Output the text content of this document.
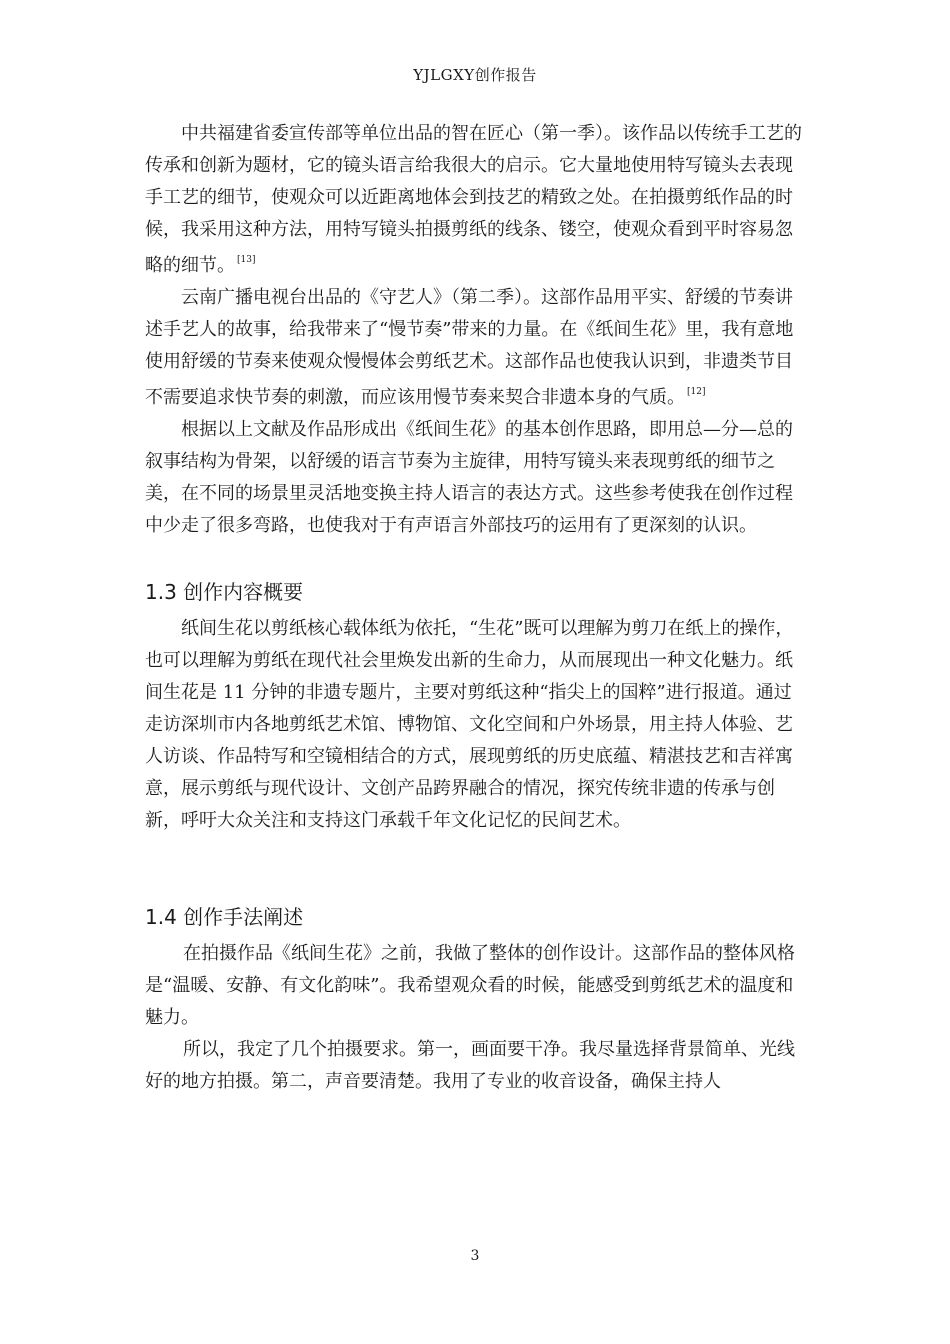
YJLGXY创作报告

中共福建省委宣传部等单位出品的智在匠心（第一季）。该作品以传统手工艺的传承和创新为题材，它的镜头语言给我很大的启示。它大量地使用特写镜头去表现手工艺的细节，使观众可以近距离地体会到技艺的精致之处。在拍摄剪纸作品的时候，我采用这种方法，用特写镜头拍摄剪纸的线条、镂空，使观众看到平时容易忽略的细节。 [13]

云南广播电视台出品的《守艺人》（第二季）。这部作品用平实、舒缓的节奏讲述手艺人的故事，给我带来了“慢节奏”带来的力量。在《纸间生花》里，我有意地使用舒缓的节奏来使观众慢慢体会剪纸艺术。这部作品也使我认识到，非遗类节目不需要追求快节奏的刺激，而应该用慢节奏来契合非遗本身的气质。 [12]

根据以上文献及作品形成出《纸间生花》的基本创作思路，即用总—分—总的叙事结构为骨架，以舒缓的语言节奏为主旋律，用特写镜头来表现剪纸的细节之美，在不同的场景里灵活地变换主持人语言的表达方式。这些参考使我在创作过程中少走了很多弯路，也使我对于有声语言外部技巧的运用有了更深刻的认识。

1.3 创作内容概要

纸间生花以剪纸核心载体纸为依托，“生花”既可以理解为剪刀在纸上的操作，也可以理解为剪纸在现代社会里焕发出新的生命力，从而展现出一种文化魅力。纸间生花是 11 分钟的非遗专题片，主要对剪纸这种“指尖上的国粹”进行报道。通过走访深圳市内各地剪纸艺术馆、博物馆、文化空间和户外场景，用主持人体验、艺人访谈、作品特写和空镜相结合的方式，展现剪纸的历史底蕴、精湛技艺和吉祥寓意，展示剪纸与现代设计、文创产品跨界融合的情况，探究传统非遗的传承与创新，呼吁大众关注和支持这门承载千年文化记忆的民间艺术。

1.4 创作手法阐述

在拍摄作品《纸间生花》之前，我做了整体的创作设计。这部作品的整体风格是“温暖、安静、有文化韵味”。我希望观众看的时候，能感受到剪纸艺术的温度和魅力。

所以，我定了几个拍摄要求。第一，画面要干净。我尽量选择背景简单、光线好的地方拍摄。第二，声音要清楚。我用了专业的收音设备，确保主持人

3
